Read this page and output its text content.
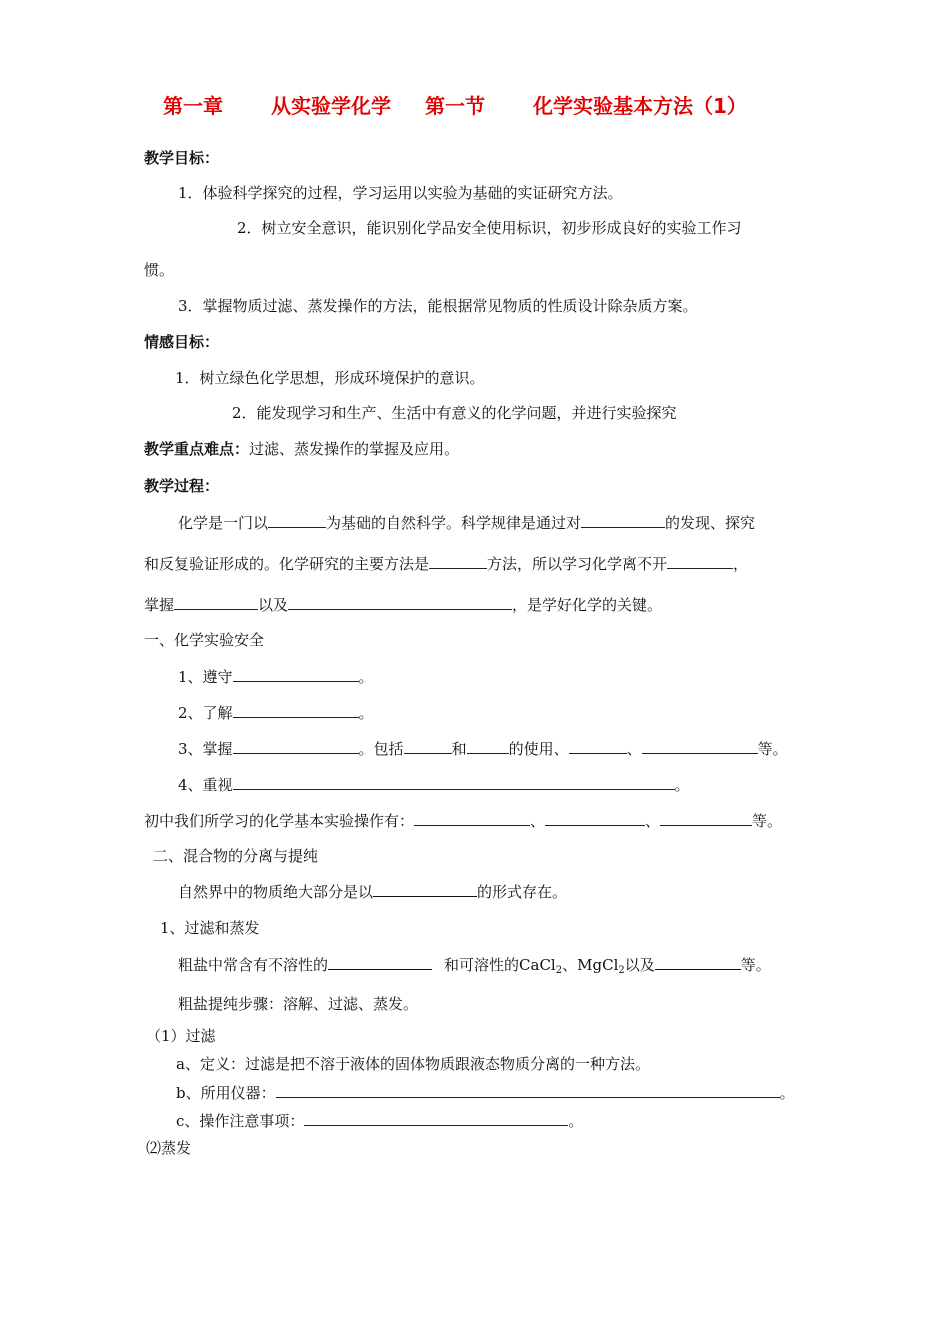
第一章 从实验学化学 第一节 化学实验基本方法（1）
教学目标：
1．体验科学探究的过程，学习运用以实验为基础的实证研究方法。
2．树立安全意识，能识别化学品安全使用标识，初步形成良好的实验工作习
惯。
3．掌握物质过滤、蒸发操作的方法，能根据常见物质的性质设计除杂质方案。
情感目标：
1．树立绿色化学思想，形成环境保护的意识。
2．能发现学习和生产、生活中有意义的化学问题，并进行实验探究
教学重点难点：过滤、蒸发操作的掌握及应用。
教学过程：
化学是一门以	为基础的自然科学。科学规律是通过对	的发现、探究
和反复验证形成的。化学研究的主要方法是	方法，所以学习化学离不开	，
掌握	以及	，是学好化学的关键。
一、化学实验安全
1、遵守	。
2、了解	。
3、掌握	。包括	和	的使用、	、	等。
4、重视	。
初中我们所学习的化学基本实验操作有：	、	、	等。
二、混合物的分离与提纯
自然界中的物质绝大部分是以	的形式存在。
1、过滤和蒸发
粗盐中常含有不溶性的	和可溶性的CaCl$_2$、MgCl$_2$以及	等。
粗盐提纯步骤：溶解、过滤、蒸发。
（1）过滤
a、定义：过滤是把不溶于液体的固体物质跟液态物质分离的一种方法。
b、所用仪器：	。
c、操作注意事项：	。
⑵蒸发
